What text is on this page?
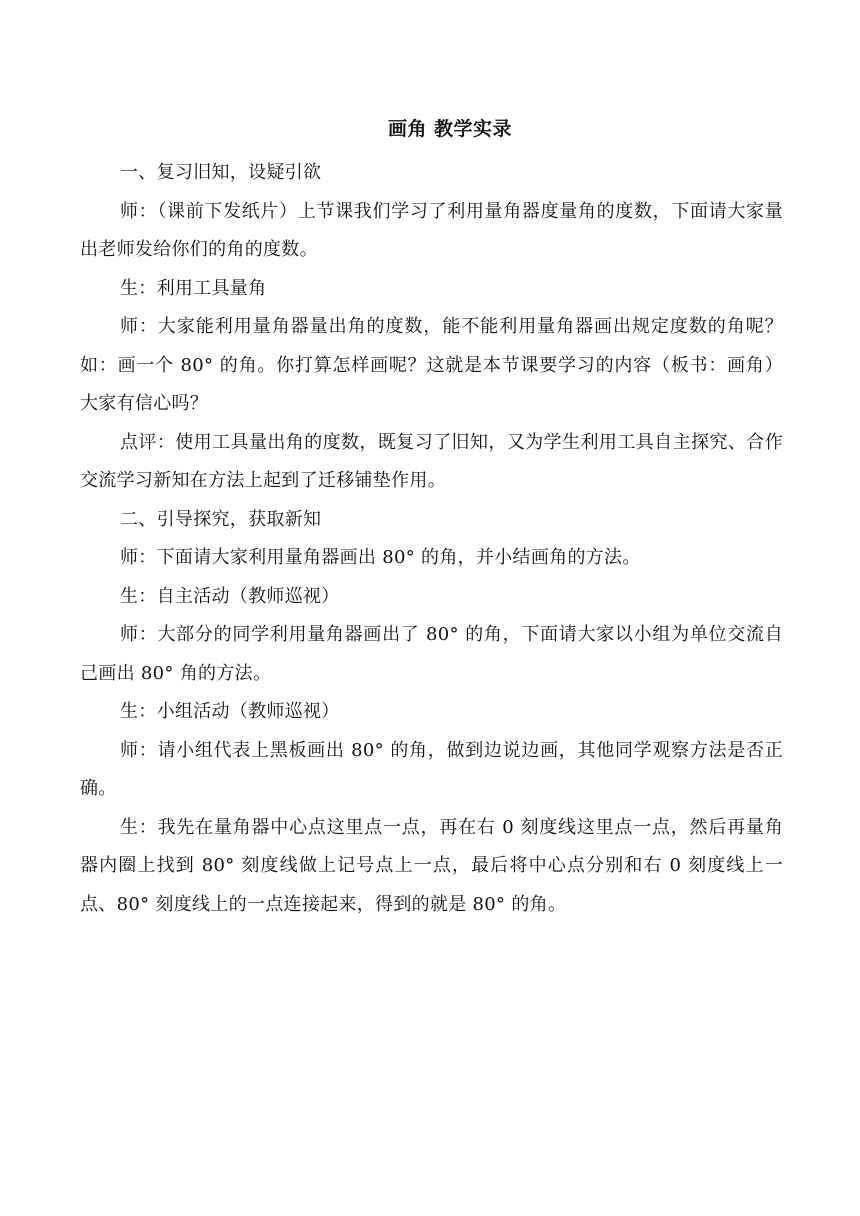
画角 教学实录

一、复习旧知，设疑引欲

师：（课前下发纸片）上节课我们学习了利用量角器度量角的度数，下面请大家量出老师发给你们的角的度数。

生：利用工具量角

师：大家能利用量角器量出角的度数，能不能利用量角器画出规定度数的角呢？如：画一个 80° 的角。你打算怎样画呢？这就是本节课要学习的内容（板书：画角）大家有信心吗？

点评：使用工具量出角的度数，既复习了旧知，又为学生利用工具自主探究、合作交流学习新知在方法上起到了迁移铺垫作用。

二、引导探究，获取新知

师：下面请大家利用量角器画出 80° 的角，并小结画角的方法。

生：自主活动（教师巡视）

师：大部分的同学利用量角器画出了 80° 的角，下面请大家以小组为单位交流自己画出 80° 角的方法。

生：小组活动（教师巡视）

师：请小组代表上黑板画出 80° 的角，做到边说边画，其他同学观察方法是否正确。

生：我先在量角器中心点这里点一点，再在右 0 刻度线这里点一点，然后再量角器内圈上找到 80° 刻度线做上记号点上一点，最后将中心点分别和右 0 刻度线上一点、80° 刻度线上的一点连接起来，得到的就是 80° 的角。
